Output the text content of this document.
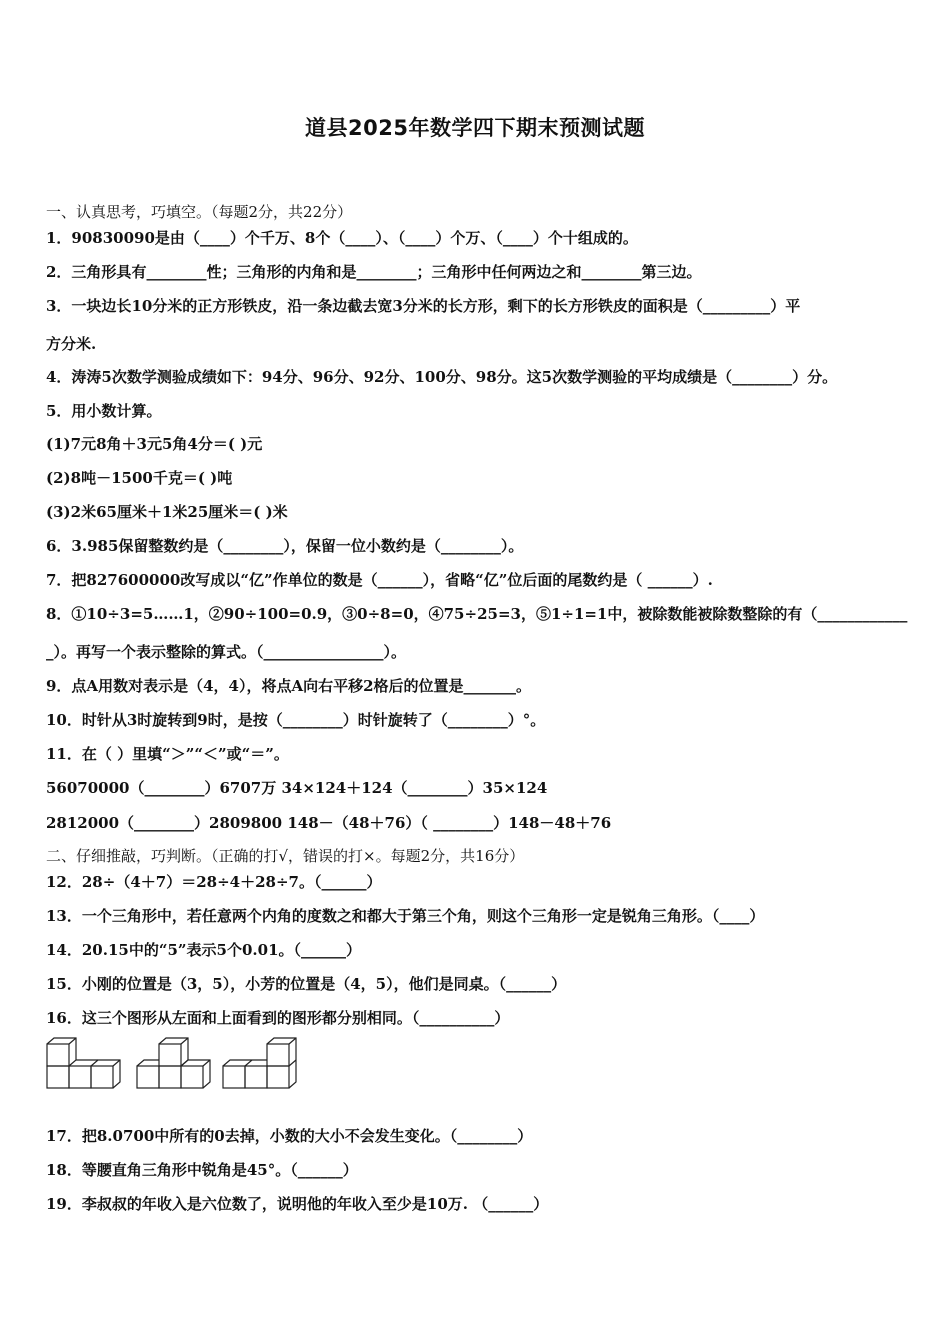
道县2025年数学四下期末预测试题
一、认真思考，巧填空。（每题2分，共22分）
1．90830090是由（____）个千万、8个（____）、（____）个万、（____）个十组成的。
2．三角形具有________性；三角形的内角和是________；三角形中任何两边之和________第三边。
3．一块边长10分米的正方形铁皮，沿一条边截去宽3分米的长方形，剩下的长方形铁皮的面积是（_________）平
方分米.
4．涛涛5次数学测验成绩如下：94分、96分、92分、100分、98分。这5次数学测验的平均成绩是（________）分。
5．用小数计算。
(1)7元8角＋3元5角4分＝( )元
(2)8吨－1500千克＝( )吨
(3)2米65厘米＋1米25厘米＝( )米
6．3.985保留整数约是（________），保留一位小数约是（________）。
7．把827600000改写成以“亿”作单位的数是（______），省略“亿”位后面的尾数约是（ ______）.
8．①10÷3=5……1，②90÷100=0.9，③0÷8=0，④75÷25=3，⑤1÷1=1中，被除数能被除数整除的有（____________
_）。再写一个表示整除的算式。（________________）。
9．点A用数对表示是（4，4），将点A向右平移2格后的位置是_______。
10．时针从3时旋转到9时，是按（________）时针旋转了（________）°。
11．在（ ）里填“＞”“＜”或“＝”。
56070000（________）6707万 34×124＋124（________）35×124
2812000（________）2809800 148－（48＋76）（ ________）148－48＋76
二、仔细推敲，巧判断。（正确的打√，错误的打×。每题2分，共16分）
12．28÷（4＋7）＝28÷4＋28÷7。（______）
13．一个三角形中，若任意两个内角的度数之和都大于第三个角，则这个三角形一定是锐角三角形。（____）
14．20.15中的“5”表示5个0.01。（______）
15．小刚的位置是（3，5），小芳的位置是（4，5），他们是同桌。（______）
16．这三个图形从左面和上面看到的图形都分别相同。（__________）
17．把8.0700中所有的0去掉，小数的大小不会发生变化。（________）
18．等腰直角三角形中锐角是45°。（______）
19．李叔叔的年收入是六位数了，说明他的年收入至少是10万. （______）
